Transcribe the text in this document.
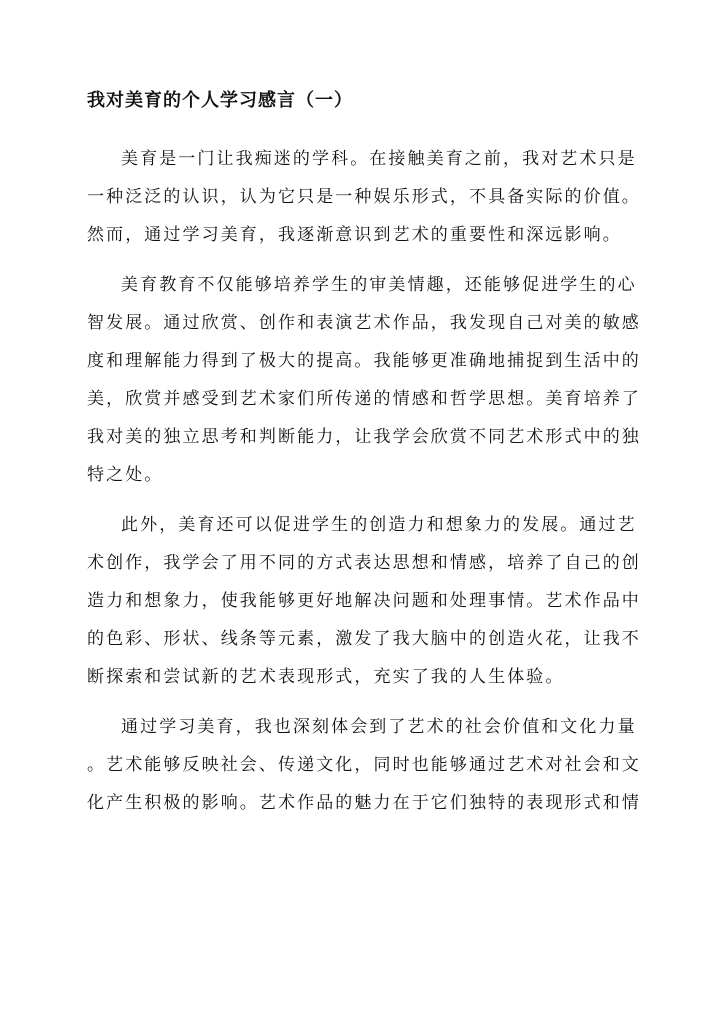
我对美育的个人学习感言（一）
美育是一门让我痴迷的学科。在接触美育之前，我对艺术只是
一种泛泛的认识，认为它只是一种娱乐形式，不具备实际的价值。
然而，通过学习美育，我逐渐意识到艺术的重要性和深远影响。
美育教育不仅能够培养学生的审美情趣，还能够促进学生的心
智发展。通过欣赏、创作和表演艺术作品，我发现自己对美的敏感
度和理解能力得到了极大的提高。我能够更准确地捕捉到生活中的
美，欣赏并感受到艺术家们所传递的情感和哲学思想。美育培养了
我对美的独立思考和判断能力，让我学会欣赏不同艺术形式中的独
特之处。
此外，美育还可以促进学生的创造力和想象力的发展。通过艺
术创作，我学会了用不同的方式表达思想和情感，培养了自己的创
造力和想象力，使我能够更好地解决问题和处理事情。艺术作品中
的色彩、形状、线条等元素，激发了我大脑中的创造火花，让我不
断探索和尝试新的艺术表现形式，充实了我的人生体验。
通过学习美育，我也深刻体会到了艺术的社会价值和文化力量
。艺术能够反映社会、传递文化，同时也能够通过艺术对社会和文
化产生积极的影响。艺术作品的魅力在于它们独特的表现形式和情
